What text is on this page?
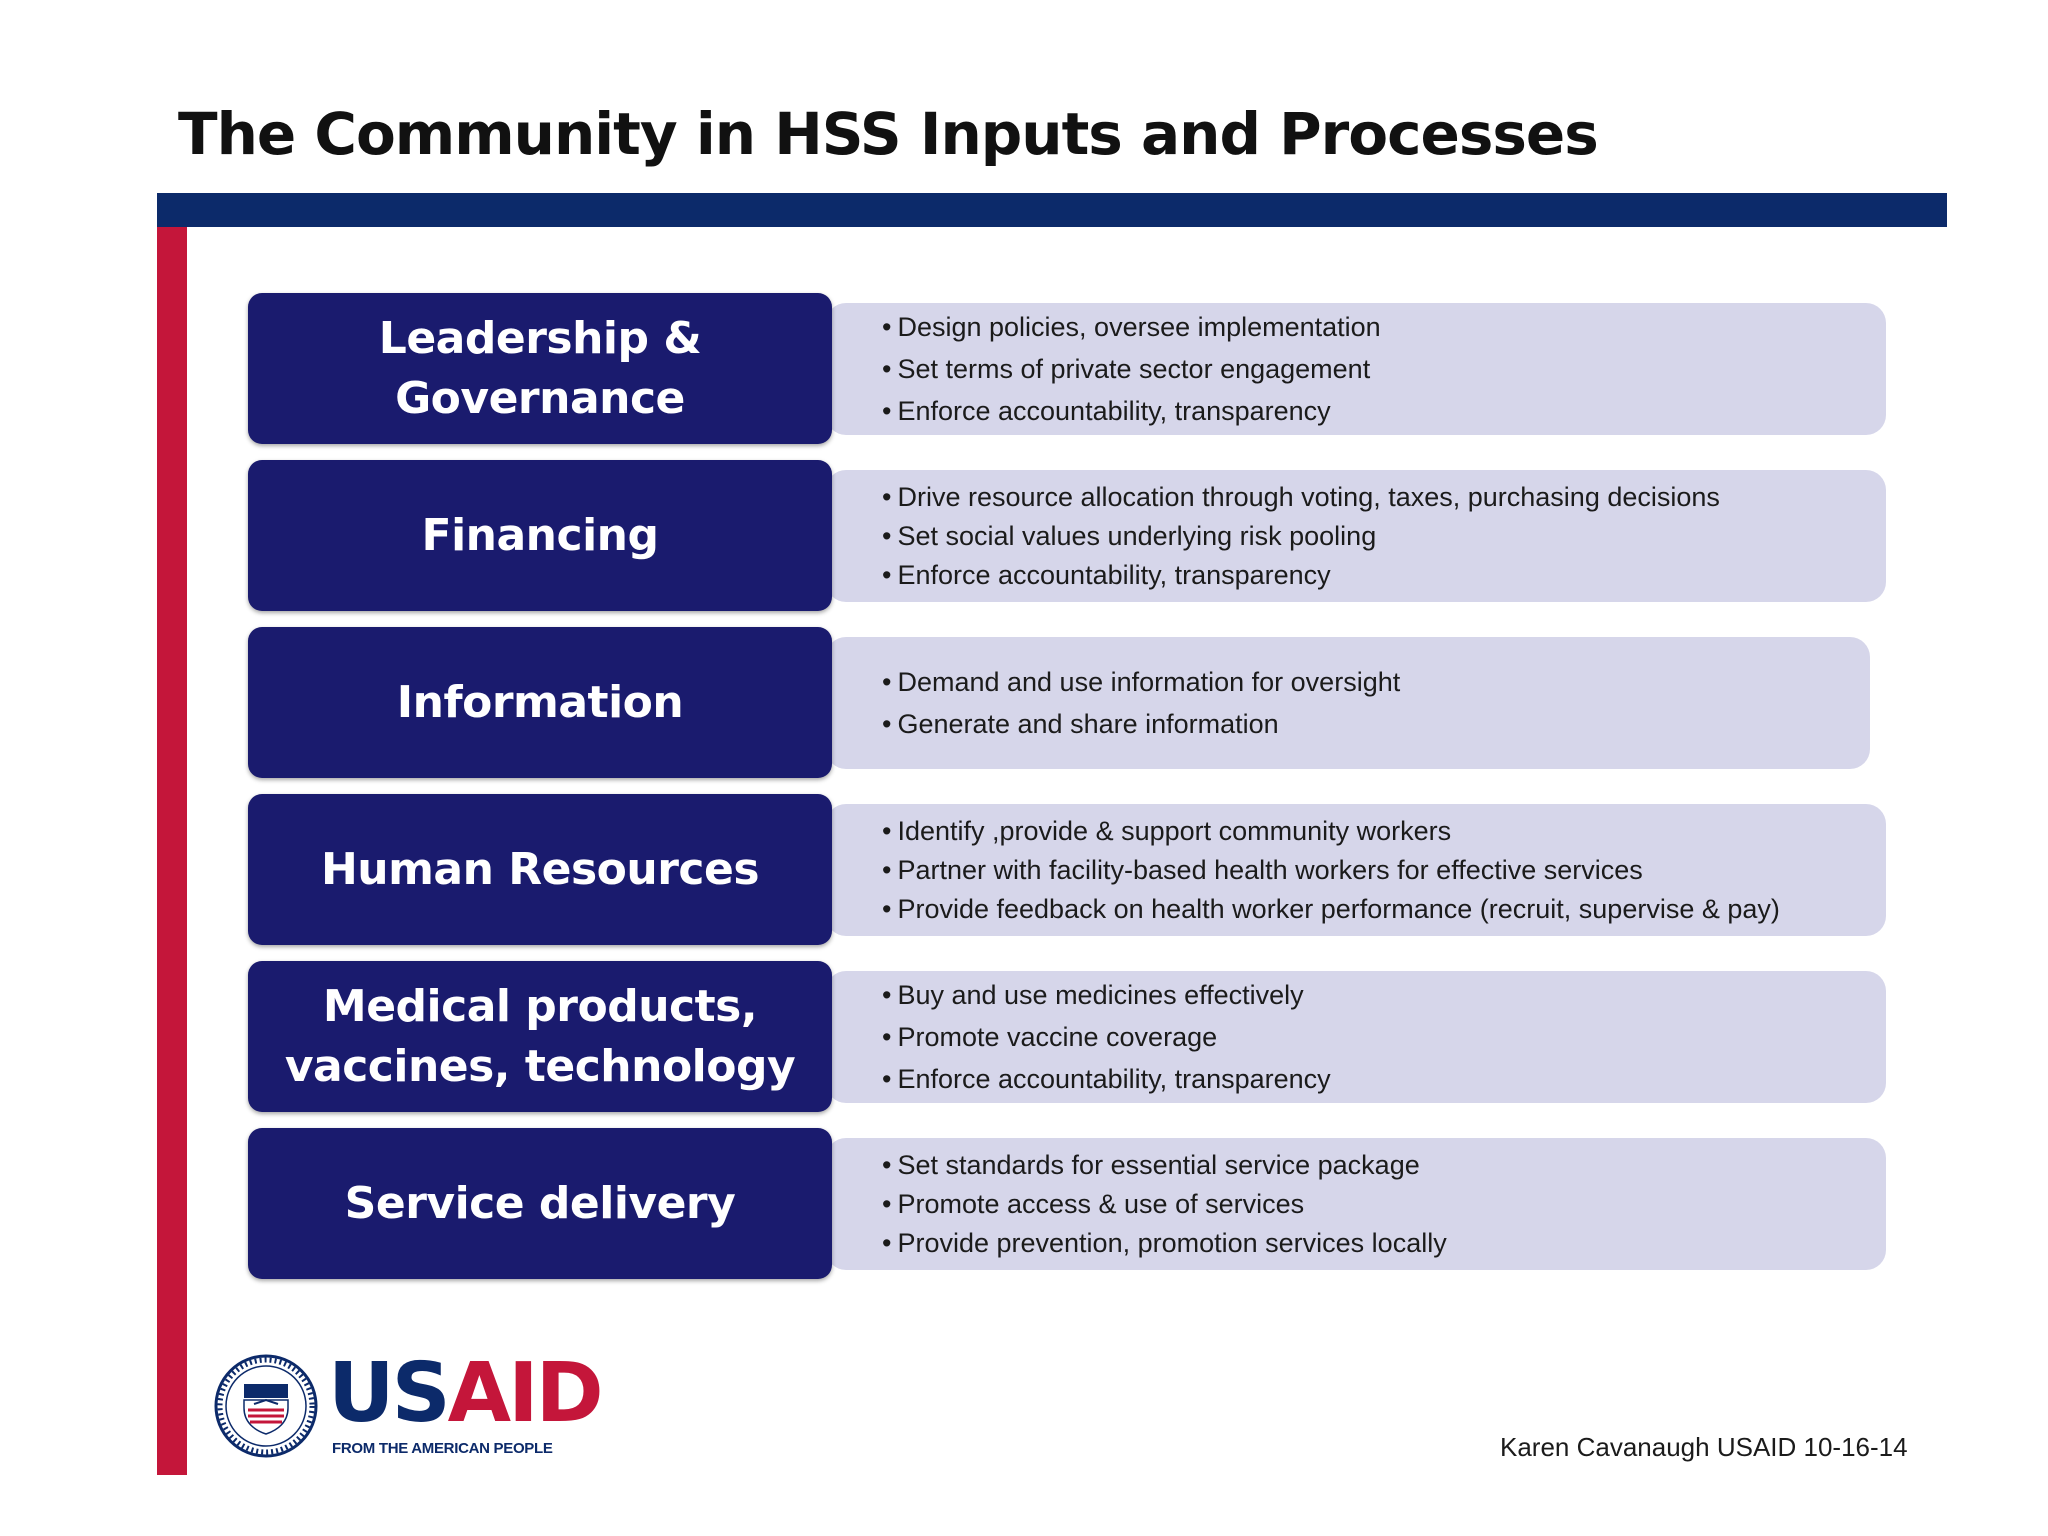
The Community in HSS Inputs and Processes
Leadership &
Governance
• Design policies, oversee implementation
• Set terms of private sector engagement
• Enforce accountability, transparency
Financing
• Drive resource allocation through voting, taxes, purchasing decisions
• Set social values underlying risk pooling
• Enforce accountability, transparency
Information
•	Demand and use information for oversight
• Generate and share information
Human Resources
• Identify ,provide & support community workers
• Partner with facility-based health workers for effective services
• Provide feedback on health worker performance (recruit, supervise & pay)
Medical products,
vaccines, technology
• Buy and use medicines effectively
• Promote vaccine coverage
• Enforce accountability, transparency
Service delivery
• Set standards for essential service package
• Promote access & use of services
• Provide prevention, promotion services locally
USAID
FROM THE AMERICAN PEOPLE	Karen Cavanaugh USAID 10-16-14
